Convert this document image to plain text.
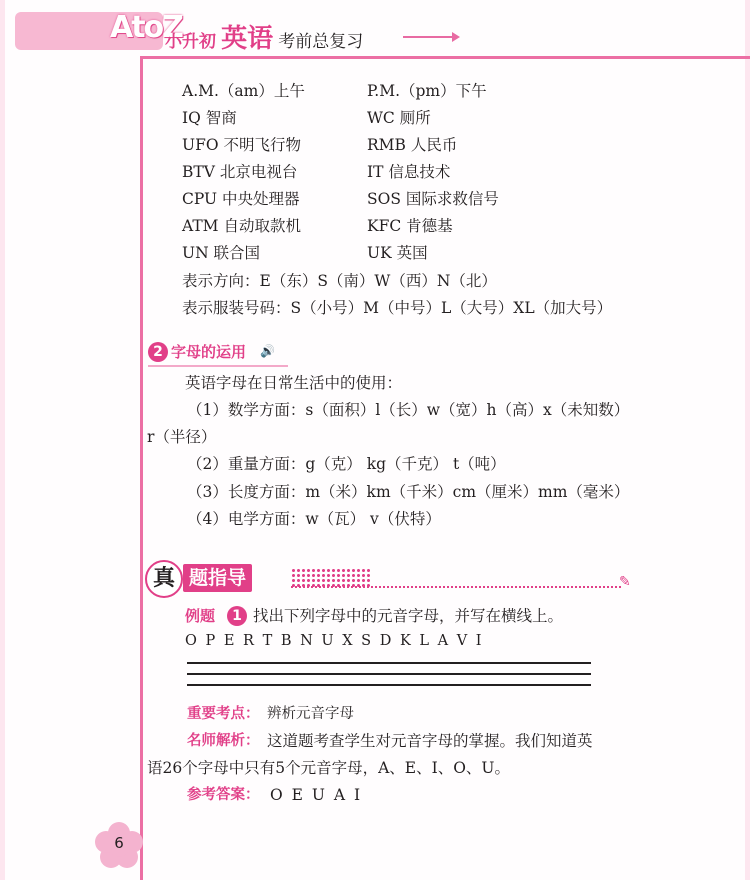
AtoZ
小升初 英语 考前总复习
A.M.（am）上午	P.M.（pm）下午
IQ 智商	WC 厕所
UFO 不明飞行物	RMB 人民币
BTV 北京电视台	IT 信息技术
CPU 中央处理器	SOS 国际求救信号
ATM 自动取款机	KFC 肯德基
UN 联合国	UK 英国
表示方向：E（东）S（南）W（西）N（北）
表示服装号码：S（小号）M（中号）L（大号）XL（加大号）
2 字母的运用 🔊
英语字母在日常生活中的使用：
（1）数学方面：s（面积）l（长）w（宽）h（高）x（未知数）
r（半径）
（2）重量方面：g（克） kg（千克） t（吨）
（3）长度方面：m（米）km（千米）cm（厘米）mm（毫米）
（4）电学方面：w（瓦） v（伏特）
真 题指导	✎
例题	1 找出下列字母中的元音字母，并写在横线上。
O P E R T B N U X S D K L A V I
重要考点： 辨析元音字母
名师解析： 这道题考查学生对元音字母的掌握。我们知道英
语26个字母中只有5个元音字母，A、E、I、O、U。
参考答案： O E U A I
6
